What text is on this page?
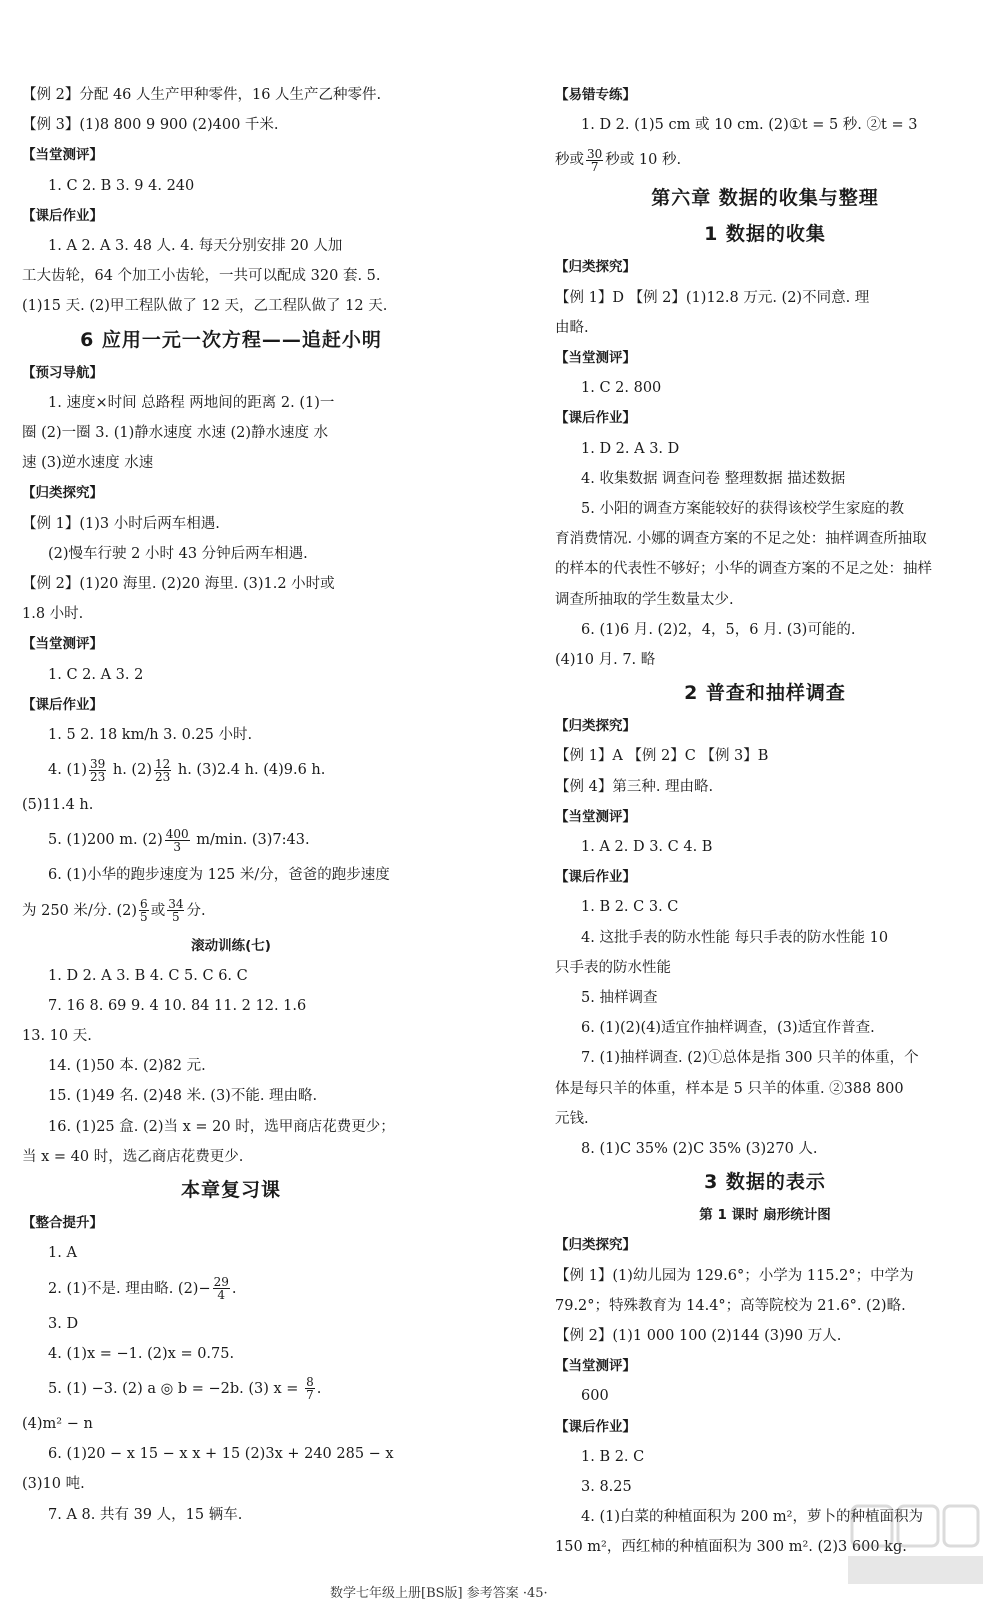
【例 2】分配 46 人生产甲种零件，16 人生产乙种零件.
【例 3】(1)8 800 9 900 (2)400 千米.
【当堂测评】
1. C 2. B 3. 9 4. 240
【课后作业】
1. A 2. A 3. 48 人. 4. 每天分别安排 20 人加
工大齿轮，64 个加工小齿轮，一共可以配成 320 套. 5.
(1)15 天. (2)甲工程队做了 12 天，乙工程队做了 12 天.
6 应用一元一次方程——追赶小明
【预习导航】
1. 速度×时间 总路程 两地间的距离 2. (1)一
圈 (2)一圈 3. (1)静水速度 水速 (2)静水速度 水
速 (3)逆水速度 水速
【归类探究】
【例 1】(1)3 小时后两车相遇.
(2)慢车行驶 2 小时 43 分钟后两车相遇.
【例 2】(1)20 海里. (2)20 海里. (3)1.2 小时或
1.8 小时.
【当堂测评】
1. C 2. A 3. 2
【课后作业】
1. 5 2. 18 km/h 3. 0.25 小时.
4. $(1) \frac{39}{23} h$. $(2) \frac{12}{23} h$. (3)2.4 h. (4)9.6 h.
(5)11.4 h.
5. (1)200 m. $(2) \frac{400}{3} m/\min$. (3)7:43.
6. (1)小华的跑步速度为 125 米/分，爸爸的跑步速度
为 250 米/分. $(2) \frac{6}{5}$ 或 $\frac{34}{5}$ 分.
滚动训练(七)
1. D 2. A 3. B 4. C 5. C 6. C
7. 16 8. 69 9. 4 10. 84 11. 2 12. 1.6
13. 10 天.
14. (1)50 本. (2)82 元.
15. (1)49 名. (2)48 米. (3)不能. 理由略.
16. (1)25 盒. (2)当 x = 20 时，选甲商店花费更少；
当 x = 40 时，选乙商店花费更少.
本章复习课
【整合提升】
1. A
2. (1)不是. 理由略. $(2)- \frac{29}{4}$ .
3. D
4. (1)x = −1. (2)x = 0.75.
5. (1) −3. (2) a ◎ b = −2b. (3) $x = \frac{8}{7}$ .
(4)m² − n
6. (1)20 − x 15 − x x + 15 (2)3x + 240 285 − x
(3)10 吨.
7. A 8. 共有 39 人，15 辆车.
【易错专练】
1. D 2. (1)5 cm 或 10 cm. (2)①t = 5 秒. ②t = 3
秒或 $\frac{30}{7}$ 秒或 10 秒.
第六章 数据的收集与整理
1 数据的收集
【归类探究】
【例 1】D 【例 2】(1)12.8 万元. (2)不同意. 理
由略.
【当堂测评】
1. C 2. 800
【课后作业】
1. D 2. A 3. D
4. 收集数据 调查问卷 整理数据 描述数据
5. 小阳的调查方案能较好的获得该校学生家庭的教
育消费情况. 小娜的调查方案的不足之处：抽样调查所抽取
的样本的代表性不够好；小华的调查方案的不足之处：抽样
调查所抽取的学生数量太少.
6. (1)6 月. (2)2，4，5，6 月. (3)可能的.
(4)10 月. 7. 略
2 普查和抽样调查
【归类探究】
【例 1】A 【例 2】C 【例 3】B
【例 4】第三种. 理由略.
【当堂测评】
1. A 2. D 3. C 4. B
【课后作业】
1. B 2. C 3. C
4. 这批手表的防水性能 每只手表的防水性能 10
只手表的防水性能
5. 抽样调查
6. (1)(2)(4)适宜作抽样调查，(3)适宜作普查.
7. (1)抽样调查. (2)①总体是指 300 只羊的体重，个
体是每只羊的体重，样本是 5 只羊的体重. ②388 800
元钱.
8. (1)C 35% (2)C 35% (3)270 人.
3 数据的表示
第 1 课时 扇形统计图
【归类探究】
【例 1】(1)幼儿园为 129.6°；小学为 115.2°；中学为
79.2°；特殊教育为 14.4°；高等院校为 21.6°. (2)略.
【例 2】(1)1 000 100 (2)144 (3)90 万人.
【当堂测评】
600
【课后作业】
1. B 2. C
3. 8.25
4. (1)白菜的种植面积为 200 m²，萝卜的种植面积为
150 m²，西红柿的种植面积为 300 m². (2)3 600 kg.
数学七年级上册[BS版] 参考答案 ·45·
